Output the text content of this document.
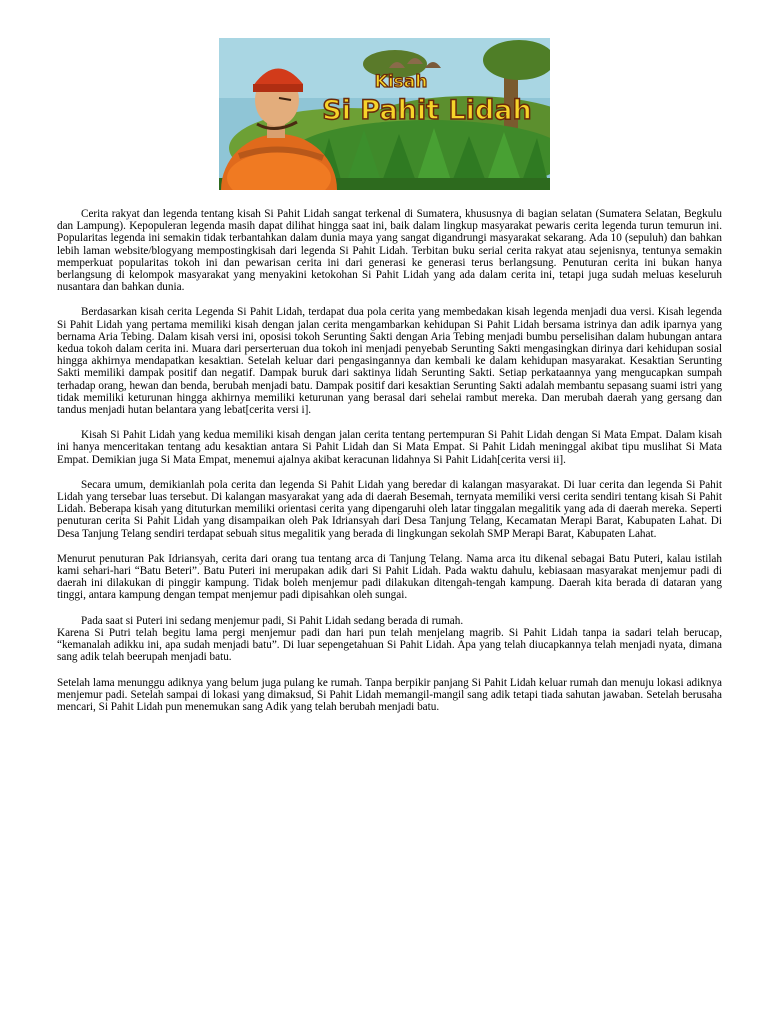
Kisah
Si Pahit Lidah

Cerita rakyat dan legenda tentang kisah Si Pahit Lidah sangat terkenal di Sumatera, khususnya di bagian selatan (Sumatera Selatan, Begkulu dan Lampung). Kepopuleran legenda masih dapat dilihat hingga saat ini, baik dalam lingkup masyarakat pewaris cerita legenda turun temurun ini. Popularitas legenda ini semakin tidak terbantahkan dalam dunia maya yang sangat digandrungi masyarakat sekarang. Ada 10 (sepuluh) dan bahkan lebih laman website/blogyang mempostingkisah dari legenda Si Pahit Lidah. Terbitan buku serial cerita rakyat atau sejenisnya, tentunya semakin memperkuat popularitas tokoh ini dan pewarisan cerita ini dari generasi ke generasi terus berlangsung. Penuturan cerita ini bukan hanya berlangsung di kelompok masyarakat yang menyakini ketokohan Si Pahit Lidah yang ada dalam cerita ini, tetapi juga sudah meluas keseluruh nusantara dan bahkan dunia.

Berdasarkan kisah cerita Legenda Si Pahit Lidah, terdapat dua pola cerita yang membedakan kisah legenda menjadi dua versi. Kisah legenda Si Pahit Lidah yang pertama memiliki kisah dengan jalan cerita mengambarkan kehidupan Si Pahit Lidah bersama istrinya dan adik iparnya yang bernama Aria Tebing. Dalam kisah versi ini, oposisi tokoh Serunting Sakti dengan Aria Tebing menjadi bumbu perselisihan dalam hubungan antara kedua tokoh dalam cerita ini. Muara dari perserteruan dua tokoh ini menjadi penyebab Serunting Sakti mengasingkan dirinya dari kehidupan sosial hingga akhirnya mendapatkan kesaktian. Setelah keluar dari pengasingannya dan kembali ke dalam kehidupan masyarakat. Kesaktian Serunting Sakti memiliki dampak positif dan negatif. Dampak buruk dari saktinya lidah Serunting Sakti. Setiap perkataannya yang mengucapkan sumpah terhadap orang, hewan dan benda, berubah menjadi batu. Dampak positif dari kesaktian Serunting Sakti adalah membantu sepasang suami istri yang tidak memiliki keturunan hingga akhirnya memiliki keturunan yang berasal dari sehelai rambut mereka. Dan merubah daerah yang gersang dan tandus menjadi hutan belantara yang lebat[cerita versi i].

Kisah Si Pahit Lidah yang kedua memiliki kisah dengan jalan cerita tentang pertempuran Si Pahit Lidah dengan Si Mata Empat. Dalam kisah ini hanya menceritakan tentang adu kesaktian antara Si Pahit Lidah dan Si Mata Empat. Si Pahit Lidah meninggal akibat tipu muslihat Si Mata Empat. Demikian juga Si Mata Empat, menemui ajalnya akibat keracunan lidahnya Si Pahit Lidah[cerita versi ii].

Secara umum, demikianlah pola cerita dan legenda Si Pahit Lidah yang beredar di kalangan masyarakat. Di luar cerita dan legenda Si Pahit Lidah yang tersebar luas tersebut. Di kalangan masyarakat yang ada di daerah Besemah, ternyata memiliki versi cerita sendiri tentang kisah Si Pahit Lidah. Beberapa kisah yang dituturkan memiliki orientasi cerita yang dipengaruhi oleh latar tinggalan megalitik yang ada di daerah mereka. Seperti penuturan cerita Si Pahit Lidah yang disampaikan oleh Pak Idriansyah dari Desa Tanjung Telang, Kecamatan Merapi Barat, Kabupaten Lahat. Di Desa Tanjung Telang sendiri terdapat sebuah situs megalitik yang berada di lingkungan sekolah SMP Merapi Barat, Kabupaten Lahat.

Menurut penuturan Pak Idriansyah, cerita dari orang tua tentang arca di Tanjung Telang. Nama arca itu dikenal sebagai Batu Puteri, kalau istilah kami sehari-hari “Batu Beteri”. Batu Puteri ini merupakan adik dari Si Pahit Lidah. Pada waktu dahulu, kebiasaan masyarakat menjemur padi di daerah ini dilakukan di pinggir kampung. Tidak boleh menjemur padi dilakukan ditengah-tengah kampung. Daerah kita berada di dataran yang tinggi, antara kampung dengan tempat menjemur padi dipisahkan oleh sungai.

Pada saat si Puteri ini sedang menjemur padi, Si Pahit Lidah sedang berada di rumah.

Karena Si Putri telah begitu lama pergi menjemur padi dan hari pun telah menjelang magrib. Si Pahit Lidah tanpa ia sadari telah berucap, “kemanalah adikku ini, apa sudah menjadi batu”. Di luar sepengetahuan Si Pahit Lidah. Apa yang telah diucapkannya telah menjadi nyata, dimana sang adik telah beerupah menjadi batu.

Setelah lama menunggu adiknya yang belum juga pulang ke rumah. Tanpa berpikir panjang Si Pahit Lidah keluar rumah dan menuju lokasi adiknya menjemur padi. Setelah sampai di lokasi yang dimaksud, Si Pahit Lidah memangil-mangil sang adik tetapi tiada sahutan jawaban. Setelah berusaha mencari, Si Pahit Lidah pun menemukan sang Adik yang telah berubah menjadi batu.
